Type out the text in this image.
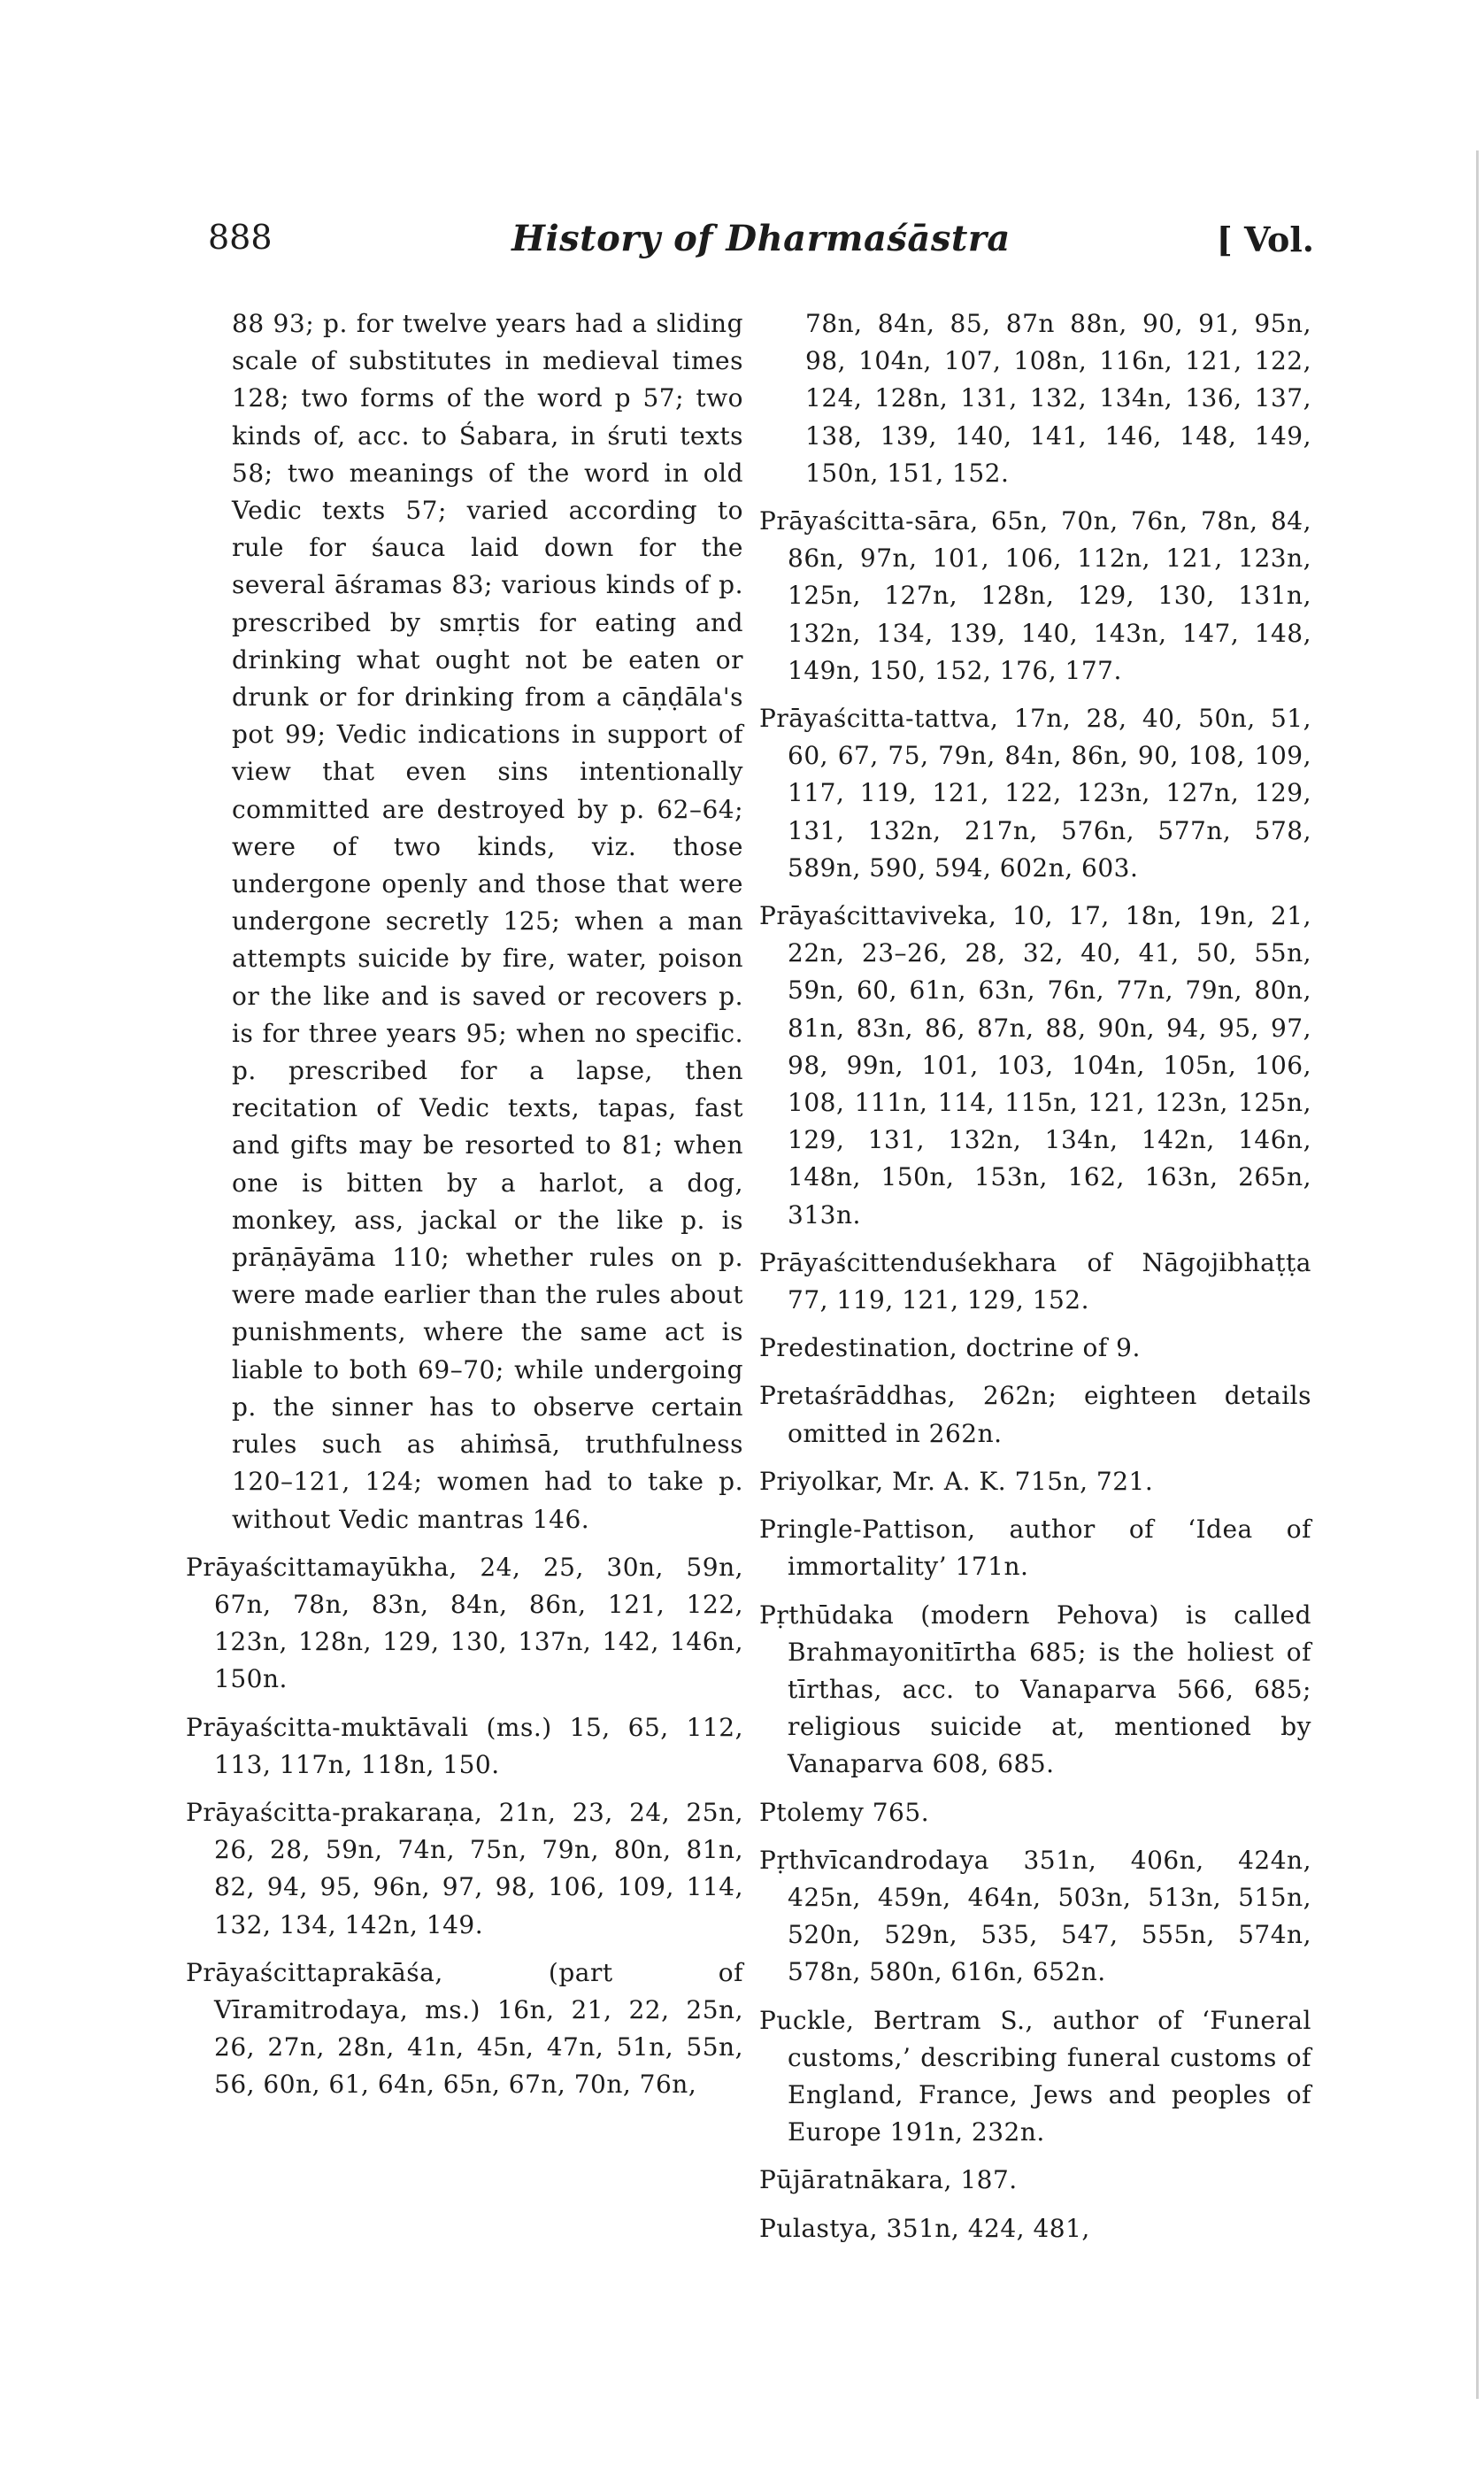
888	History of Dharmaśāstra	[ Vol.

88 93; p. for twelve years had a sliding scale of substitutes in medieval times 128; two forms of the word p 57; two kinds of, acc. to Śabara, in śruti texts 58; two meanings of the word in old Vedic texts 57; varied according to rule for śauca laid down for the several āśramas 83; various kinds of p. prescribed by smṛtis for eating and drinking what ought not be eaten or drunk or for drinking from a cāṇḍāla's pot 99; Vedic indications in support of view that even sins intentionally committed are destroyed by p. 62–64; were of two kinds, viz. those undergone openly and those that were undergone secretly 125; when a man attempts suicide by fire, water, poison or the like and is saved or recovers p. is for three years 95; when no specific. p. prescribed for a lapse, then recitation of Vedic texts, tapas, fast and gifts may be resorted to 81; when one is bitten by a harlot, a dog, monkey, ass, jackal or the like p. is prāṇāyāma 110; whether rules on p. were made earlier than the rules about punishments, where the same act is liable to both 69–70; while undergoing p. the sinner has to observe certain rules such as ahiṁsā, truthfulness 120–121, 124; women had to take p. without Vedic mantras 146.

Prāyaścittamayūkha, 24, 25, 30n, 59n, 67n, 78n, 83n, 84n, 86n, 121, 122, 123n, 128n, 129, 130, 137n, 142, 146n, 150n.

Prāyaścitta-muktāvali (ms.) 15, 65, 112, 113, 117n, 118n, 150.

Prāyaścitta-prakaraṇa, 21n, 23, 24, 25n, 26, 28, 59n, 74n, 75n, 79n, 80n, 81n, 82, 94, 95, 96n, 97, 98, 106, 109, 114, 132, 134, 142n, 149.

Prāyaścittaprakāśa, (part of Vīramitrodaya, ms.) 16n, 21, 22, 25n, 26, 27n, 28n, 41n, 45n, 47n, 51n, 55n, 56, 60n, 61, 64n, 65n, 67n, 70n, 76n,

78n, 84n, 85, 87n 88n, 90, 91, 95n, 98, 104n, 107, 108n, 116n, 121, 122, 124, 128n, 131, 132, 134n, 136, 137, 138, 139, 140, 141, 146, 148, 149, 150n, 151, 152.

Prāyaścitta-sāra, 65n, 70n, 76n, 78n, 84, 86n, 97n, 101, 106, 112n, 121, 123n, 125n, 127n, 128n, 129, 130, 131n, 132n, 134, 139, 140, 143n, 147, 148, 149n, 150, 152, 176, 177.

Prāyaścitta-tattva, 17n, 28, 40, 50n, 51, 60, 67, 75, 79n, 84n, 86n, 90, 108, 109, 117, 119, 121, 122, 123n, 127n, 129, 131, 132n, 217n, 576n, 577n, 578, 589n, 590, 594, 602n, 603.

Prāyaścittaviveka, 10, 17, 18n, 19n, 21, 22n, 23–26, 28, 32, 40, 41, 50, 55n, 59n, 60, 61n, 63n, 76n, 77n, 79n, 80n, 81n, 83n, 86, 87n, 88, 90n, 94, 95, 97, 98, 99n, 101, 103, 104n, 105n, 106, 108, 111n, 114, 115n, 121, 123n, 125n, 129, 131, 132n, 134n, 142n, 146n, 148n, 150n, 153n, 162, 163n, 265n, 313n.

Prāyaścittenduśekhara of Nāgojibhaṭṭa 77, 119, 121, 129, 152.

Predestination, doctrine of 9.

Pretaśrāddhas, 262n; eighteen details omitted in 262n.

Priyolkar, Mr. A. K. 715n, 721.

Pringle-Pattison, author of ‘Idea of immortality’ 171n.

Pṛthūdaka (modern Pehova) is called Brahmayonitīrtha 685; is the holiest of tīrthas, acc. to Vanaparva 566, 685; religious suicide at, mentioned by Vanaparva 608, 685.

Ptolemy 765.

Pṛthvīcandrodaya 351n, 406n, 424n, 425n, 459n, 464n, 503n, 513n, 515n, 520n, 529n, 535, 547, 555n, 574n, 578n, 580n, 616n, 652n.

Puckle, Bertram S., author of ‘Funeral customs,’ describing funeral customs of England, France, Jews and peoples of Europe 191n, 232n.

Pūjāratnākara, 187.

Pulastya, 351n, 424, 481,
